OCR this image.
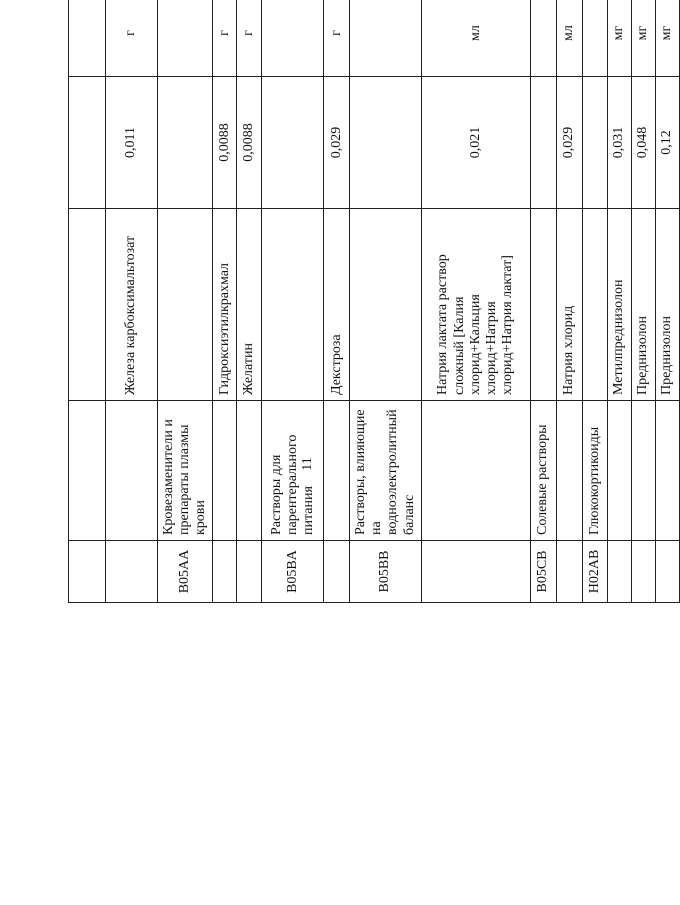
11

		Железа карбоксимальтозат	0,011	г		
B05AA	Кровезаменители и препараты плазмы крови					
		Гидроксиэтилкрахмал	0,0088	г		
		Желатин	0,0088	г		
B05BA	Растворы для парентерального питания					
		Декстроза	0,029	г		
B05BB	Растворы, влияющие на водноэлектролитный баланс					
		Натрия лактата раствор сложный [Калия хлорид+Кальция хлорид+Натрия хлорид+Натрия лактат]	0,021	мл		
B05CB	Солевые растворы					
		Натрия хлорид	0,029	мл		
H02AB	Глюкокортикоиды					
		Метилпреднизолон	0,031	мг		
		Преднизолон	0,048	мг		
		Преднизолон	0,12	мг		
